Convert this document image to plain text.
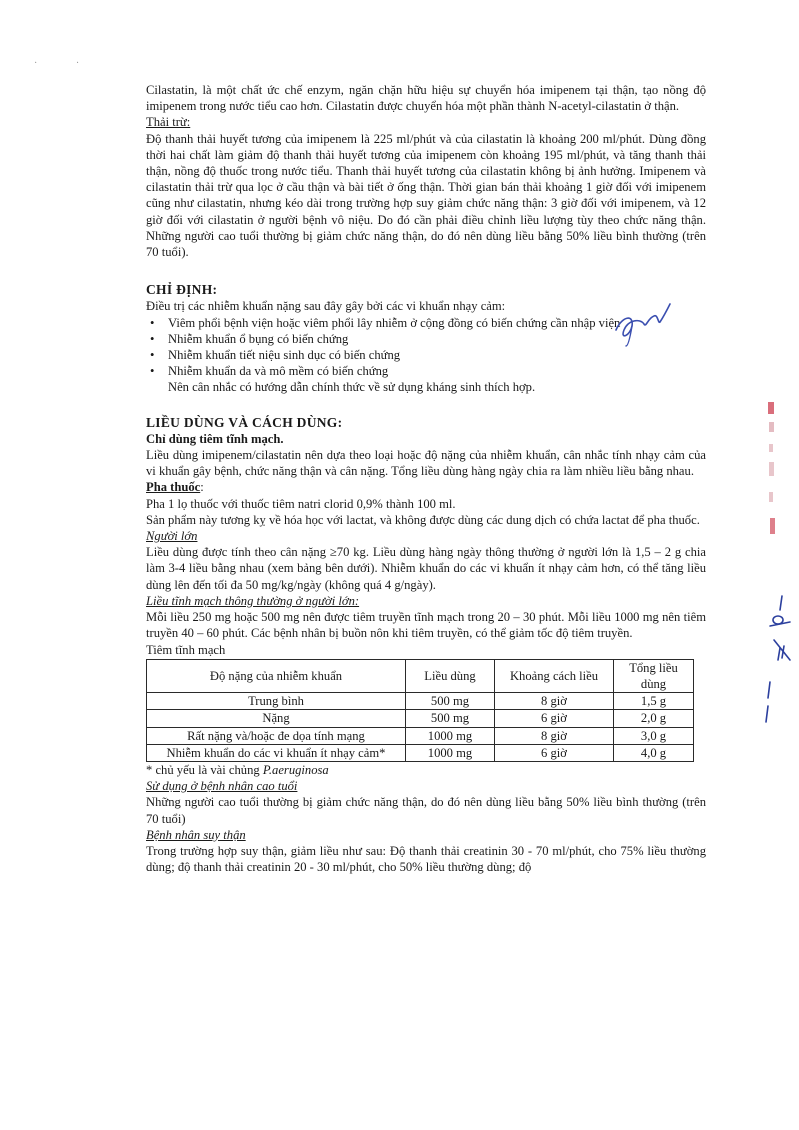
· ·

Cilastatin, là một chất ức chế enzym, ngăn chặn hữu hiệu sự chuyển hóa imipenem tại thận, tạo nồng độ imipenem trong nước tiểu cao hơn. Cilastatin được chuyển hóa một phần thành N-acetyl-cilastatin ở thận.

Thải trừ:

Độ thanh thải huyết tương của imipenem là 225 ml/phút và của cilastatin là khoảng 200 ml/phút. Dùng đồng thời hai chất làm giảm độ thanh thải huyết tương của imipenem còn khoảng 195 ml/phút, và tăng thanh thải thận, nồng độ thuốc trong nước tiểu. Thanh thải huyết tương của cilastatin không bị ảnh hưởng. Imipenem và cilastatin thải trừ qua lọc ở cầu thận và bài tiết ở ống thận. Thời gian bán thải khoảng 1 giờ đối với imipenem cũng như cilastatin, nhưng kéo dài trong trường hợp suy giảm chức năng thận: 3 giờ đối với imipenem, và 12 giờ đối với cilastatin ở người bệnh vô niệu. Do đó cần phải điều chỉnh liều lượng tùy theo chức năng thận. Những người cao tuổi thường bị giảm chức năng thận, do đó nên dùng liều bằng 50% liều bình thường (trên 70 tuổi).

CHỈ ĐỊNH:

Điều trị các nhiễm khuẩn nặng sau đây gây bởi các vi khuẩn nhạy cảm:

• Viêm phổi bệnh viện hoặc viêm phổi lây nhiễm ở cộng đồng có biến chứng cần nhập viện
• Nhiễm khuẩn ổ bụng có biến chứng
• Nhiễm khuẩn tiết niệu sinh dục có biến chứng
• Nhiễm khuẩn da và mô mềm có biến chứng

Nên cân nhắc có hướng dẫn chính thức về sử dụng kháng sinh thích hợp.

LIỀU DÙNG VÀ CÁCH DÙNG:

Chỉ dùng tiêm tĩnh mạch.

Liều dùng imipenem/cilastatin nên dựa theo loại hoặc độ nặng của nhiễm khuẩn, cân nhắc tính nhạy cảm của vi khuẩn gây bệnh, chức năng thận và cân nặng. Tổng liều dùng hàng ngày chia ra làm nhiều liều bằng nhau.

Pha thuốc:

Pha 1 lọ thuốc với thuốc tiêm natri clorid 0,9% thành 100 ml.

Sản phẩm này tương kỵ về hóa học với lactat, và không được dùng các dung dịch có chứa lactat để pha thuốc.

Người lớn

Liều dùng được tính theo cân nặng ≥70 kg. Liều dùng hàng ngày thông thường ở người lớn là 1,5 – 2 g chia làm 3-4 liều bằng nhau (xem bảng bên dưới). Nhiễm khuẩn do các vi khuẩn ít nhạy cảm hơn, có thể tăng liều dùng lên đến tối đa 50 mg/kg/ngày (không quá 4 g/ngày).

Liều tĩnh mạch thông thường ở người lớn:

Mỗi liều 250 mg hoặc 500 mg nên được tiêm truyền tĩnh mạch trong 20 – 30 phút. Mỗi liều 1000 mg nên tiêm truyền 40 – 60 phút. Các bệnh nhân bị buồn nôn khi tiêm truyền, có thể giảm tốc độ tiêm truyền.

Tiêm tĩnh mạch

Độ nặng của nhiễm khuẩn	Liều dùng	Khoảng cách liều	Tổng liều dùng
Trung bình	500 mg	8 giờ	1,5 g
Nặng	500 mg	6 giờ	2,0 g
Rất nặng và/hoặc đe dọa tính mạng	1000 mg	8 giờ	3,0 g
Nhiễm khuẩn do các vi khuẩn ít nhạy cảm*	1000 mg	6 giờ	4,0 g

* chủ yếu là vài chủng P.aeruginosa

Sử dụng ở bệnh nhân cao tuổi

Những người cao tuổi thường bị giảm chức năng thận, do đó nên dùng liều bằng 50% liều bình thường (trên 70 tuổi)

Bệnh nhân suy thận

Trong trường hợp suy thận, giảm liều như sau: Độ thanh thải creatinin 30 - 70 ml/phút, cho 75% liều thường dùng; độ thanh thải creatinin 20 - 30 ml/phút, cho 50% liều thường dùng; độ
